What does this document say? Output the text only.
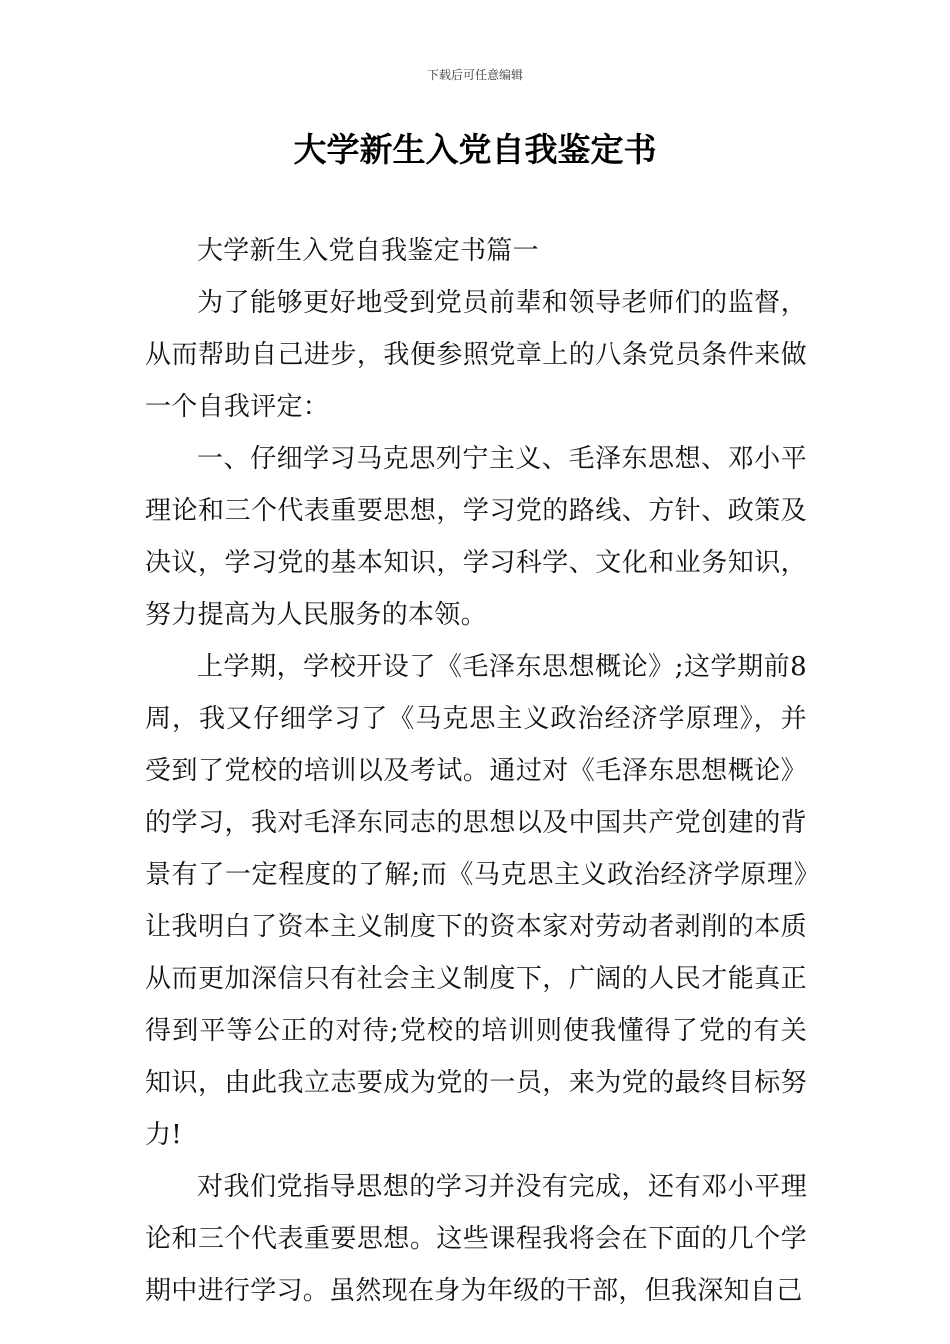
下载后可任意编辑
大学新生入党自我鉴定书

大学新生入党自我鉴定书篇一

为了能够更好地受到党员前辈和领导老师们的监督，从而帮助自己进步，我便参照党章上的八条党员条件来做一个自我评定：

一、仔细学习马克思列宁主义、毛泽东思想、邓小平理论和三个代表重要思想，学习党的路线、方针、政策及决议，学习党的基本知识，学习科学、文化和业务知识，努力提高为人民服务的本领。

上学期，学校开设了《毛泽东思想概论》;这学期前8周，我又仔细学习了《马克思主义政治经济学原理》，并受到了党校的培训以及考试。通过对《毛泽东思想概论》的学习，我对毛泽东同志的思想以及中国共产党创建的背景有了一定程度的了解;而《马克思主义政治经济学原理》让我明白了资本主义制度下的资本家对劳动者剥削的本质从而更加深信只有社会主义制度下，广阔的人民才能真正得到平等公正的对待;党校的培训则使我懂得了党的有关知识，由此我立志要成为党的一员，来为党的最终目标努力!

对我们党指导思想的学习并没有完成，还有邓小平理论和三个代表重要思想。这些课程我将会在下面的几个学期中进行学习。虽然现在身为年级的干部，但我深知自己
